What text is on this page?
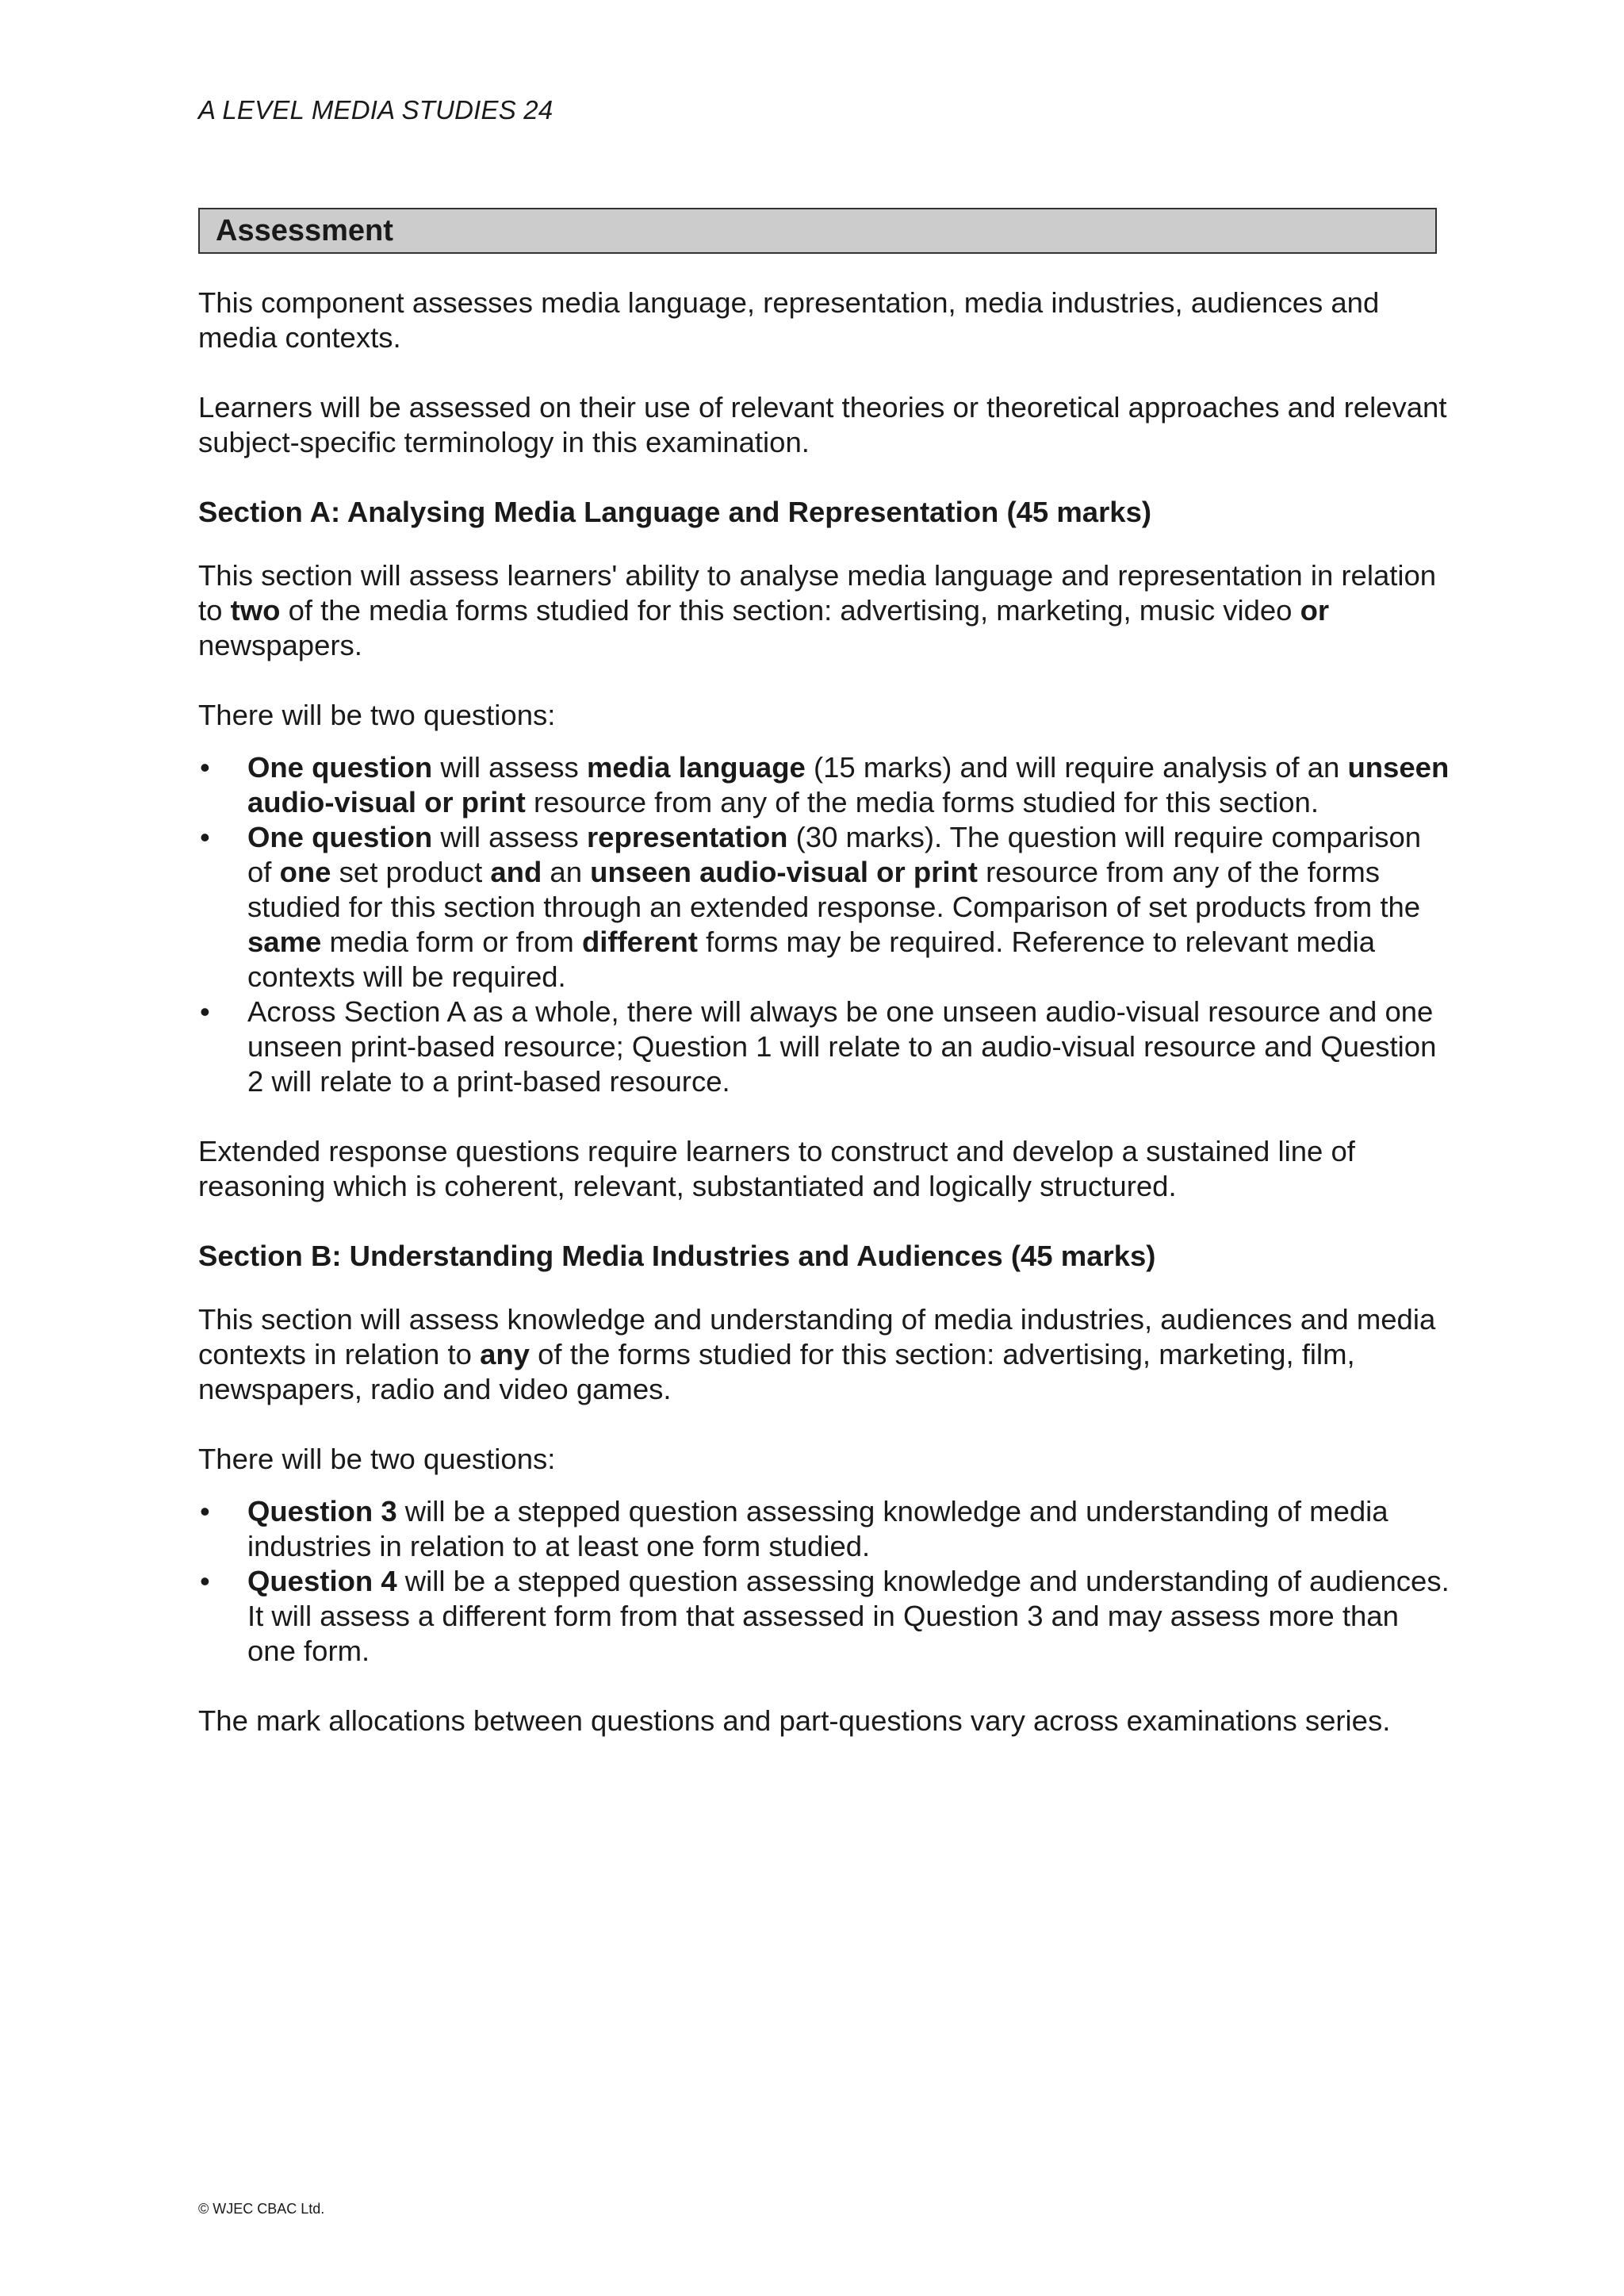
A LEVEL MEDIA STUDIES 24
Assessment

This component assesses media language, representation, media industries, audiences and media contexts.

Learners will be assessed on their use of relevant theories or theoretical approaches and relevant subject-specific terminology in this examination.

Section A: Analysing Media Language and Representation (45 marks)

This section will assess learners' ability to analyse media language and representation in relation to two of the media forms studied for this section: advertising, marketing, music video or newspapers.

There will be two questions:

• One question will assess media language (15 marks) and will require analysis of an unseen audio-visual or print resource from any of the media forms studied for this section.
• One question will assess representation (30 marks). The question will require comparison of one set product and an unseen audio-visual or print resource from any of the forms studied for this section through an extended response. Comparison of set products from the same media form or from different forms may be required. Reference to relevant media contexts will be required.
• Across Section A as a whole, there will always be one unseen audio-visual resource and one unseen print-based resource; Question 1 will relate to an audio-visual resource and Question 2 will relate to a print-based resource.

Extended response questions require learners to construct and develop a sustained line of reasoning which is coherent, relevant, substantiated and logically structured.

Section B: Understanding Media Industries and Audiences (45 marks)

This section will assess knowledge and understanding of media industries, audiences and media contexts in relation to any of the forms studied for this section: advertising, marketing, film, newspapers, radio and video games.

There will be two questions:

• Question 3 will be a stepped question assessing knowledge and understanding of media industries in relation to at least one form studied.
• Question 4 will be a stepped question assessing knowledge and understanding of audiences. It will assess a different form from that assessed in Question 3 and may assess more than one form.

The mark allocations between questions and part-questions vary across examinations series.

© WJEC CBAC Ltd.
